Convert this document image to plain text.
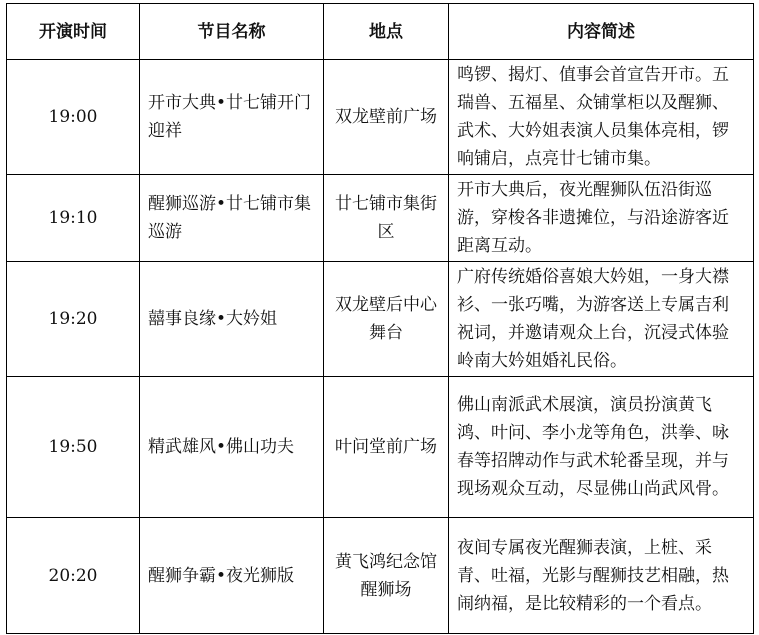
开演时间	节目名称	地点	内容简述
19:00	开市大典•廿七铺开门迎祥	双龙壁前广场	鸣锣、揭灯、值事会首宣告开市。五瑞兽、五福星、众铺掌柜以及醒狮、武术、大妗姐表演人员集体亮相，锣响铺启，点亮廿七铺市集。

19:10	醒狮巡游•廿七铺市集巡游	廿七铺市集街区	开市大典后，夜光醒狮队伍沿街巡游，穿梭各非遗摊位，与沿途游客近距离互动。

19:20	囍事良缘•大妗姐	双龙壁后中心舞台	广府传统婚俗喜娘大妗姐，一身大襟衫、一张巧嘴，为游客送上专属吉利祝词，并邀请观众上台，沉浸式体验岭南大妗姐婚礼民俗。

19:50	精武雄风•佛山功夫	叶问堂前广场	佛山南派武术展演，演员扮演黄飞鸿、叶问、李小龙等角色，洪拳、咏春等招牌动作与武术轮番呈现，并与现场观众互动，尽显佛山尚武风骨。

20:20	醒狮争霸•夜光狮版	黄飞鸿纪念馆醒狮场	夜间专属夜光醒狮表演，上桩、采青、吐福，光影与醒狮技艺相融，热闹纳福，是比较精彩的一个看点。
